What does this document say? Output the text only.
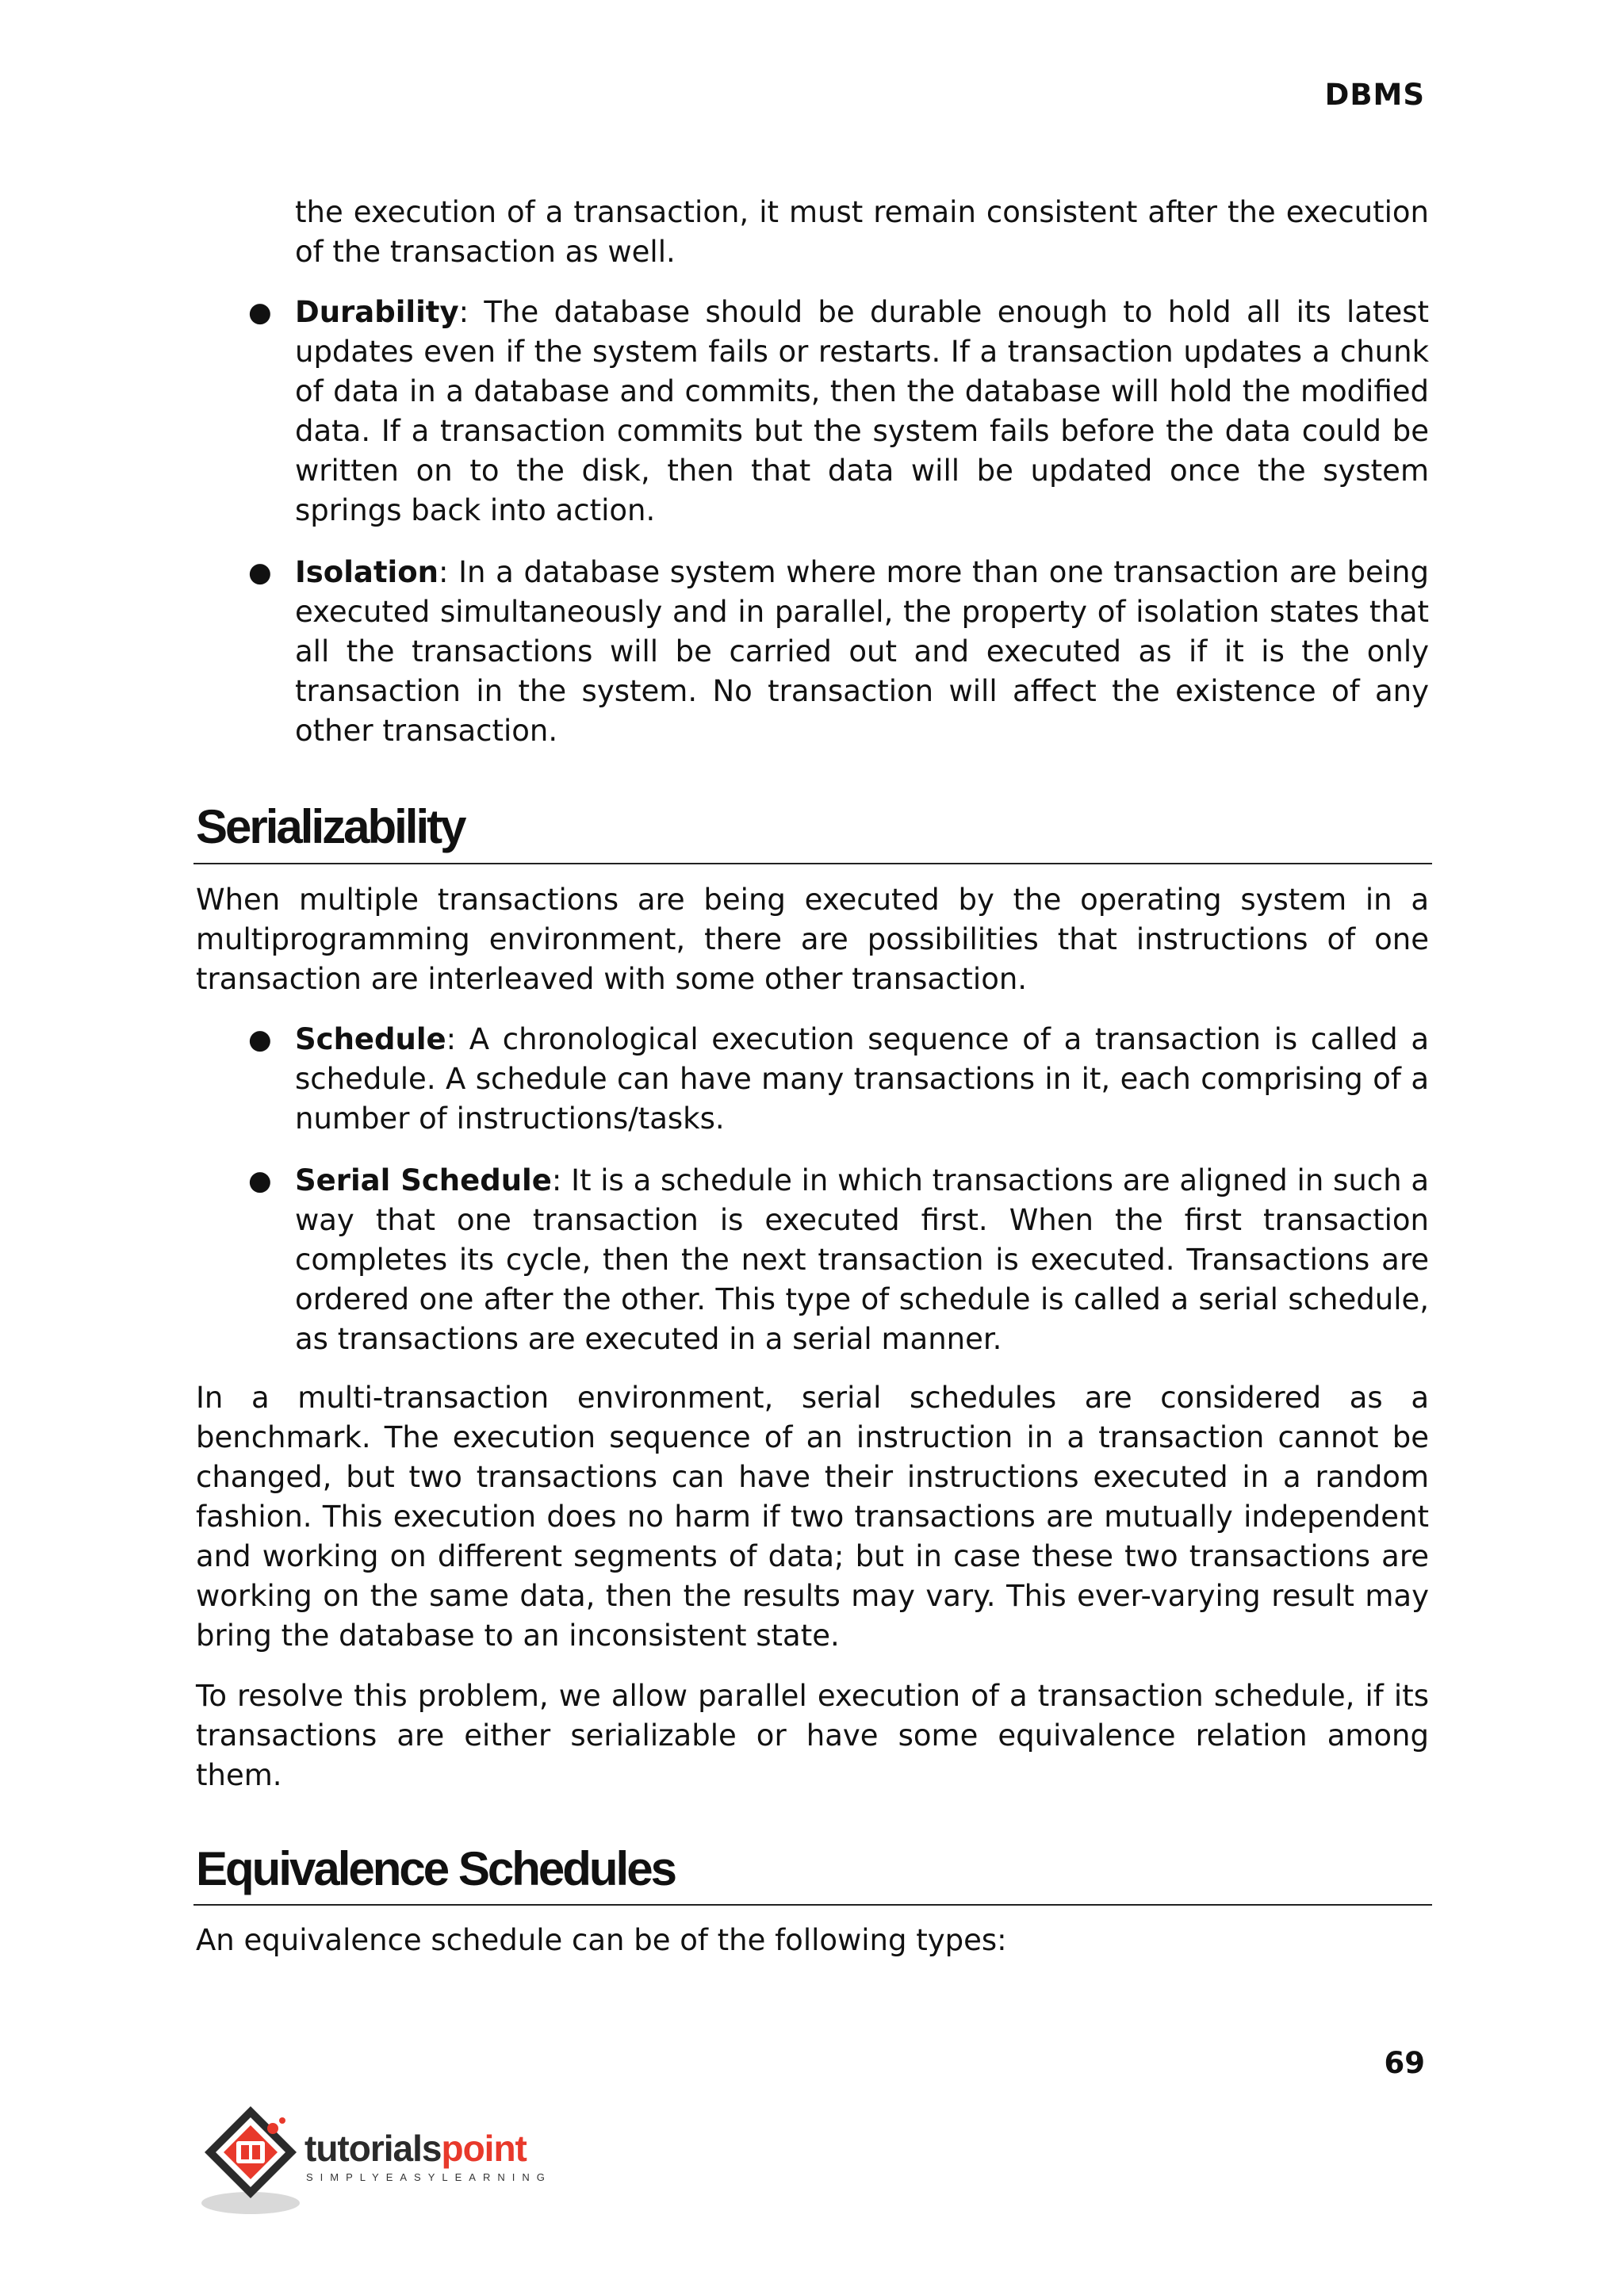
DBMS
the execution of a transaction, it must remain consistent after the execution of the transaction as well.
● Durability: The database should be durable enough to hold all its latest updates even if the system fails or restarts. If a transaction updates a chunk of data in a database and commits, then the database will hold the modified data. If a transaction commits but the system fails before the data could be written on to the disk, then that data will be updated once the system springs back into action.
● Isolation: In a database system where more than one transaction are being executed simultaneously and in parallel, the property of isolation states that all the transactions will be carried out and executed as if it is the only transaction in the system. No transaction will affect the existence of any other transaction.
Serializability

When multiple transactions are being executed by the operating system in a multiprogramming environment, there are possibilities that instructions of one transaction are interleaved with some other transaction.

● Schedule: A chronological execution sequence of a transaction is called a schedule. A schedule can have many transactions in it, each comprising of a number of instructions/tasks.
● Serial Schedule: It is a schedule in which transactions are aligned in such a way that one transaction is executed first. When the first transaction completes its cycle, then the next transaction is executed. Transactions are ordered one after the other. This type of schedule is called a serial schedule, as transactions are executed in a serial manner.

In a multi-transaction environment, serial schedules are considered as a benchmark. The execution sequence of an instruction in a transaction cannot be changed, but two transactions can have their instructions executed in a random fashion. This execution does no harm if two transactions are mutually independent and working on different segments of data; but in case these two transactions are working on the same data, then the results may vary. This ever-varying result may bring the database to an inconsistent state.

To resolve this problem, we allow parallel execution of a transaction schedule, if its transactions are either serializable or have some equivalence relation among them.

Equivalence Schedules

An equivalence schedule can be of the following types:

69
tutorialspoint
SIMPLYEASYLEARNING
